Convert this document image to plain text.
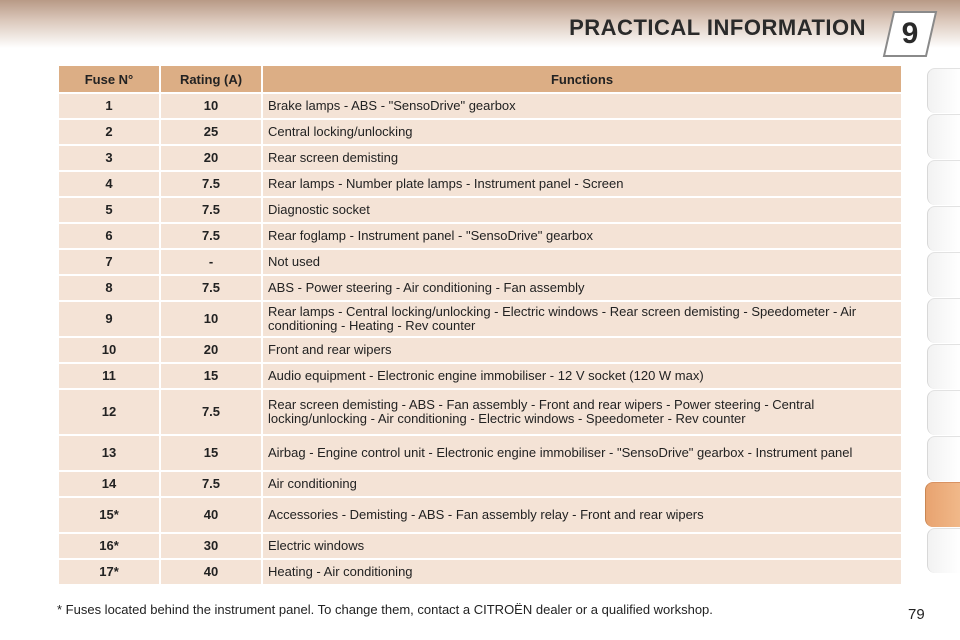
PRACTICAL INFORMATION	9
Fuse N°	Rating (A)	Functions
1	10	Brake lamps - ABS - "SensoDrive" gearbox
2	25	Central locking/unlocking
3	20	Rear screen demisting
4	7.5	Rear lamps - Number plate lamps - Instrument panel - Screen
5	7.5	Diagnostic socket
6	7.5	Rear foglamp - Instrument panel - "SensoDrive" gearbox
7	-	Not used
8	7.5	ABS - Power steering - Air conditioning - Fan assembly
9	10	Rear lamps - Central locking/unlocking - Electric windows - Rear screen demisting - Speedometer - Air conditioning - Heating - Rev counter
10	20	Front and rear wipers
11	15	Audio equipment - Electronic engine immobiliser - 12 V socket (120 W max)
12	7.5	Rear screen demisting - ABS - Fan assembly - Front and rear wipers - Power steering - Central locking/unlocking - Air conditioning - Electric windows - Speedometer - Rev counter
13	15	Airbag - Engine control unit - Electronic engine immobiliser - "SensoDrive" gearbox - Instrument panel
14	7.5	Air conditioning
15*	40	Accessories - Demisting - ABS - Fan assembly relay - Front and rear wipers
16*	30	Electric windows
17*	40	Heating - Air conditioning
* Fuses located behind the instrument panel. To change them, contact a CITROËN dealer or a qualified workshop.	79
